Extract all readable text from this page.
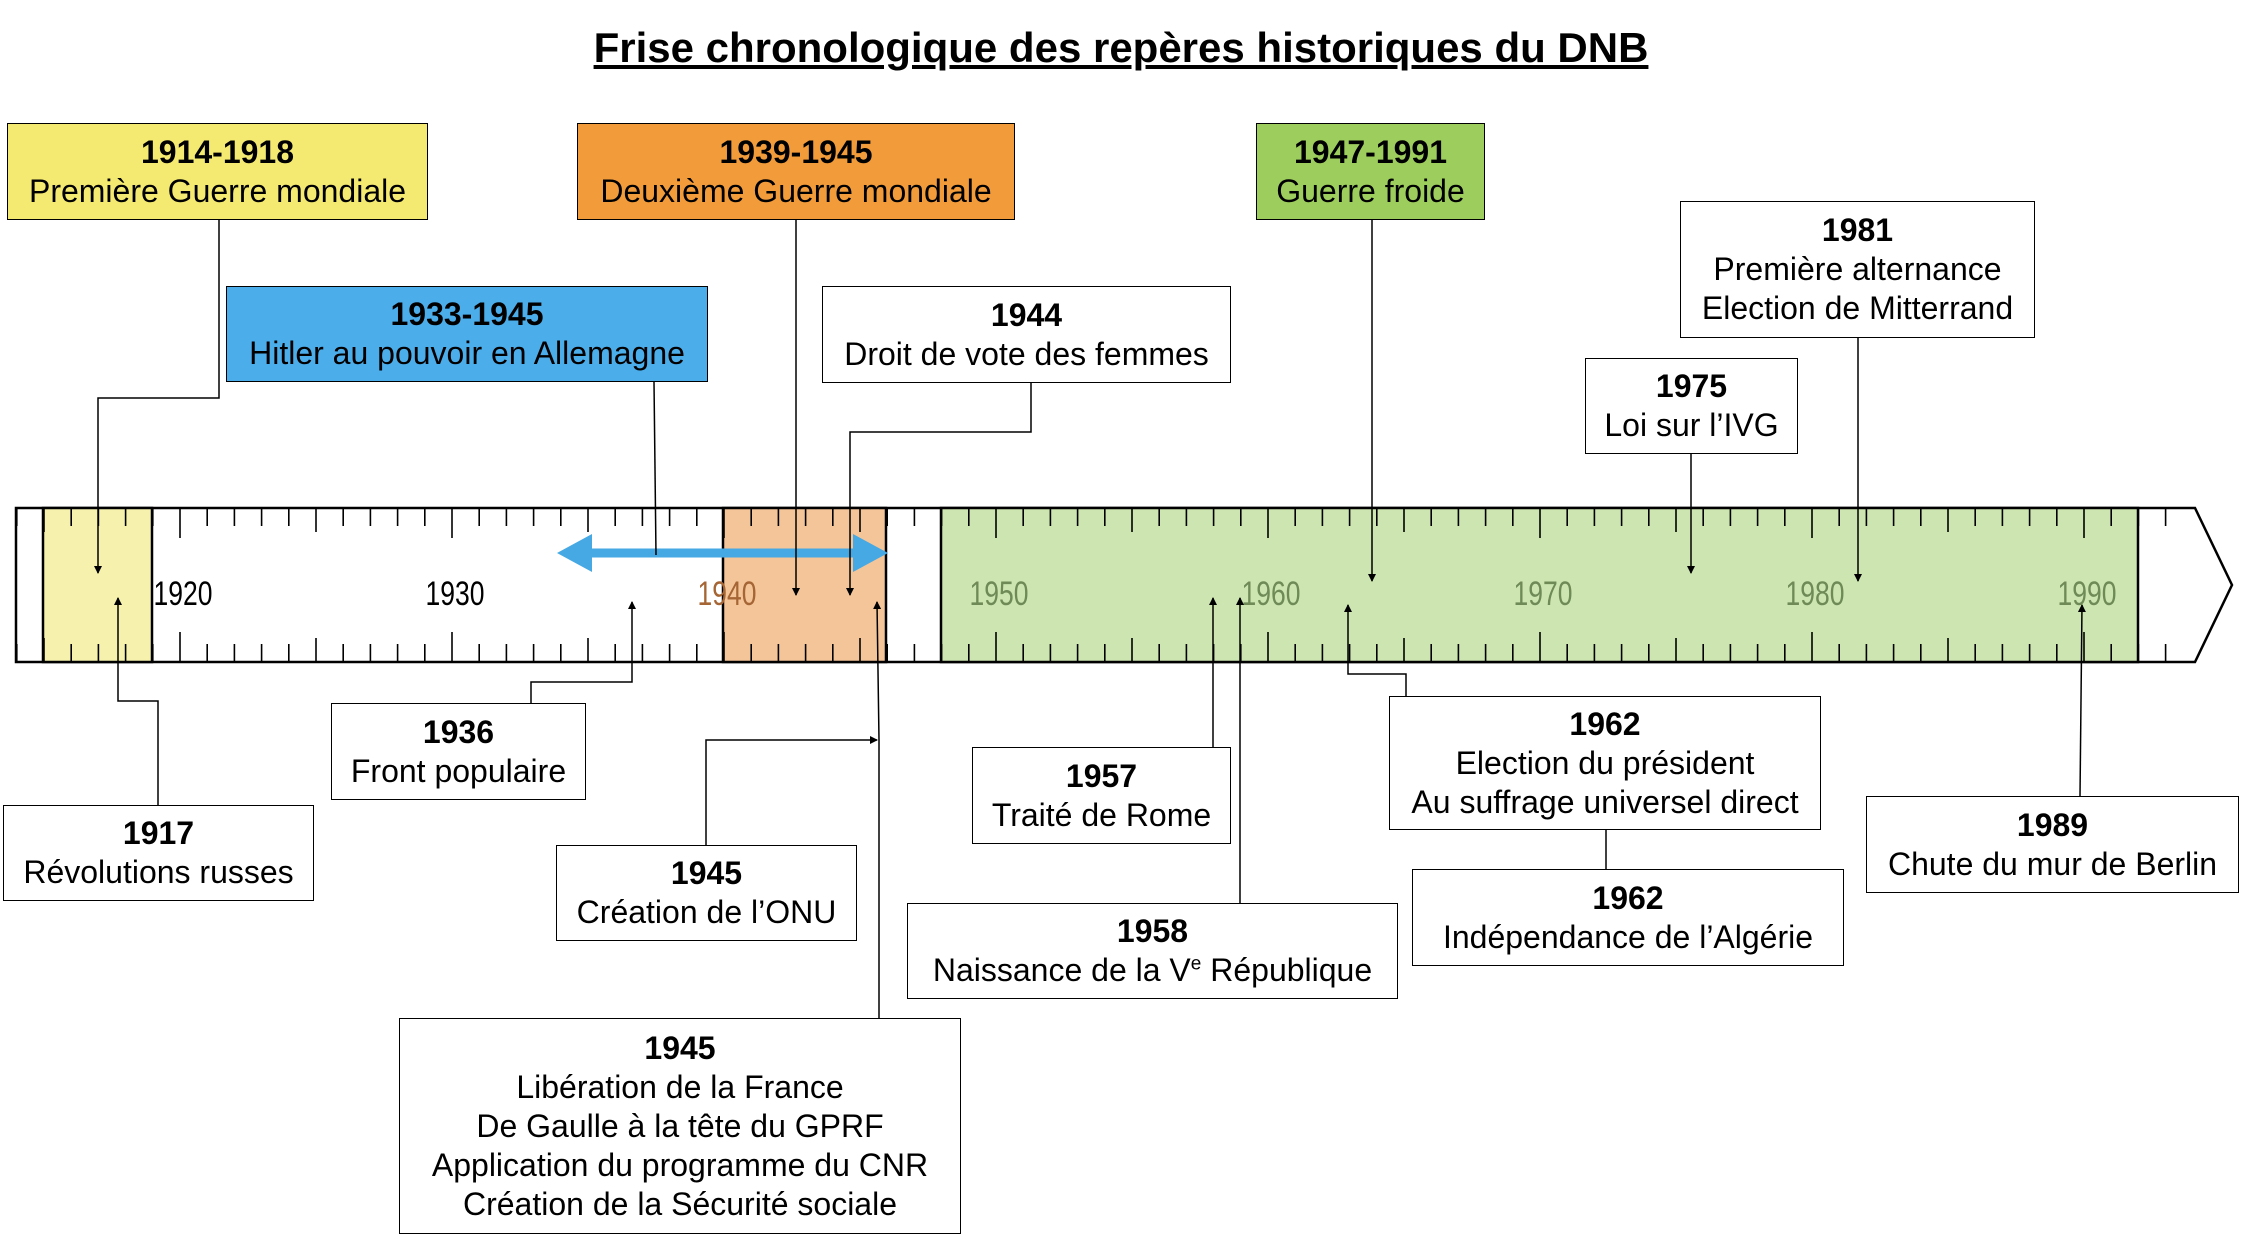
Frise chronologique des repères historiques du DNB
1920	1930	1940	1950	1960	1970	1980	1990
1914-1918
Première Guerre mondiale
1939-1945
Deuxième Guerre mondiale
1947-1991
Guerre froide
1933-1945
Hitler au pouvoir en Allemagne
1944
Droit de vote des femmes
1981
Première alternance
Election de Mitterrand
1975
Loi sur l’IVG
1917
Révolutions russes
1936
Front populaire
1945
Création de l’ONU
1945
Libération de la France
De Gaulle à la tête du GPRF
Application du programme du CNR
Création de la Sécurité sociale
1957
Traité de Rome
1958
Naissance de la Ve République
1962
Election du président
Au suffrage universel direct
1962
Indépendance de l’Algérie
1989
Chute du mur de Berlin
